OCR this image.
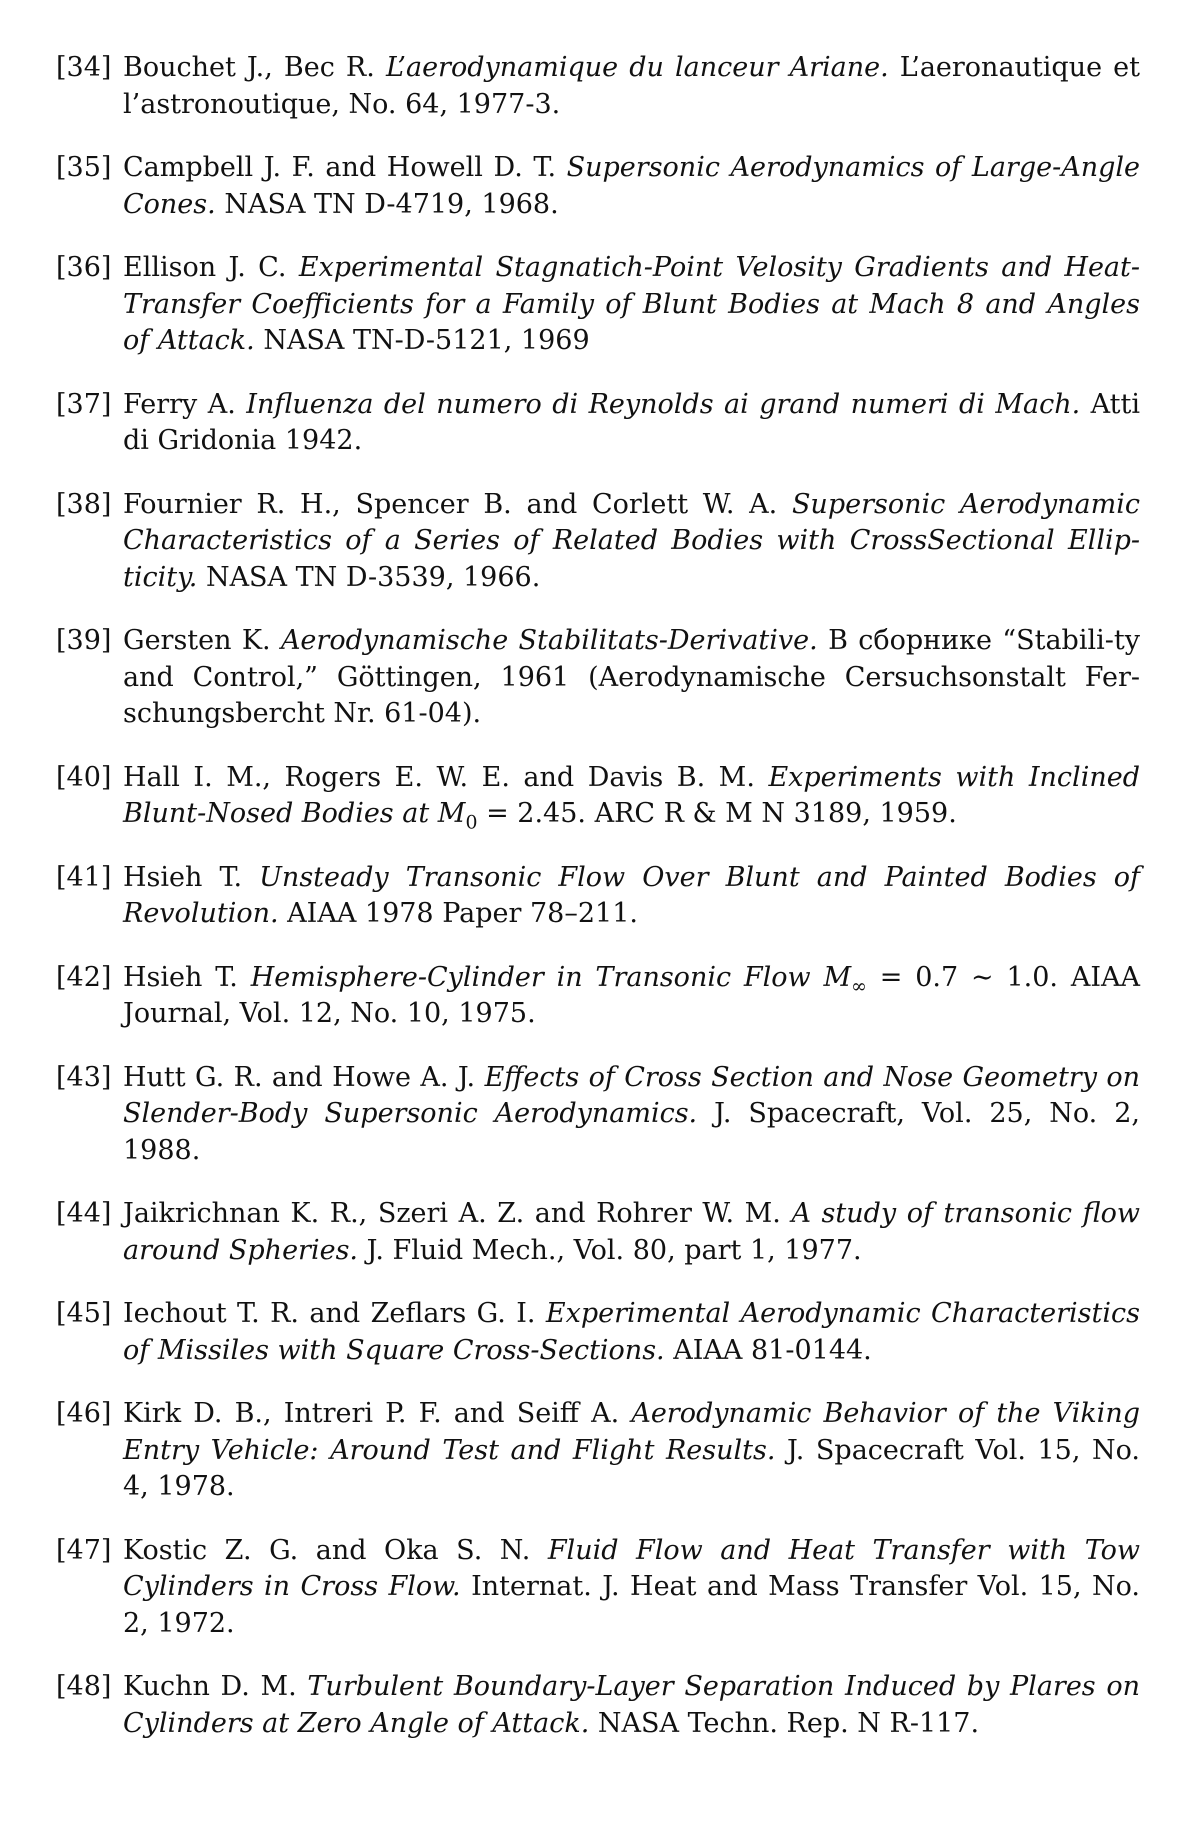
[34] Bouchet J., Bec R. L’aerodynamique du lanceur Ariane. L’aeronautique et l’astronoutique, No. 64, 1977-3.
[35] Campbell J. F. and Howell D. T. Supersonic Aerodynamics of Large-Angle Cones. NASA TN D-4719, 1968.
[36] Ellison J. C. Experimental Stagnatich-Point Velosity Gradients and Heat-Transfer Coefficients for a Family of Blunt Bodies at Mach 8 and Angles of Attack. NASA TN-D-5121, 1969
[37] Ferry A. Influenza del numero di Reynolds ai grand numeri di Mach. Atti di Gridonia 1942.
[38] Fournier R. H., Spencer B. and Corlett W. A. Supersonic Aerodynamic Characteristics of a Series of Related Bodies with CrossSectional Ellip-ticity. NASA TN D-3539, 1966.
[39] Gersten K. Aerodynamische Stabilitats-Derivative. В сборнике “Stabili-ty and Control,” Göttingen, 1961 (Aerodynamische Cersuchsonstalt Fer-schungsbercht Nr. 61-04).
[40] Hall I. M., Rogers E. W. E. and Davis B. M. Experiments with Inclined Blunt-Nosed Bodies at $M_0 = 2.45$. ARC R & M N 3189, 1959.
[41] Hsieh T. Unsteady Transonic Flow Over Blunt and Painted Bodies of Revolution. AIAA 1978 Paper 78–211.
[42] Hsieh T. Hemisphere-Cylinder in Transonic Flow $M_\infty = 0.7$ ∼ 1.0. AIAA Journal, Vol. 12, No. 10, 1975.
[43] Hutt G. R. and Howe A. J. Effects of Cross Section and Nose Geometry on Slender-Body Supersonic Aerodynamics. J. Spacecraft, Vol. 25, No. 2, 1988.
[44] Jaikrichnan K. R., Szeri A. Z. and Rohrer W. M. A study of transonic flow around Spheries. J. Fluid Mech., Vol. 80, part 1, 1977.
[45] Iechout T. R. and Zeflars G. I. Experimental Aerodynamic Characteristics of Missiles with Square Cross-Sections. AIAA 81-0144.
[46] Kirk D. B., Intreri P. F. and Seiff A. Aerodynamic Behavior of the Viking Entry Vehicle: Around Test and Flight Results. J. Spacecraft Vol. 15, No. 4, 1978.
[47] Kostic Z. G. and Oka S. N. Fluid Flow and Heat Transfer with Tow Cylinders in Cross Flow. Internat. J. Heat and Mass Transfer Vol. 15, No. 2, 1972.
[48] Kuchn D. M. Turbulent Boundary-Layer Separation Induced by Plares on Cylinders at Zero Angle of Attack. NASA Techn. Rep. N R-117.
